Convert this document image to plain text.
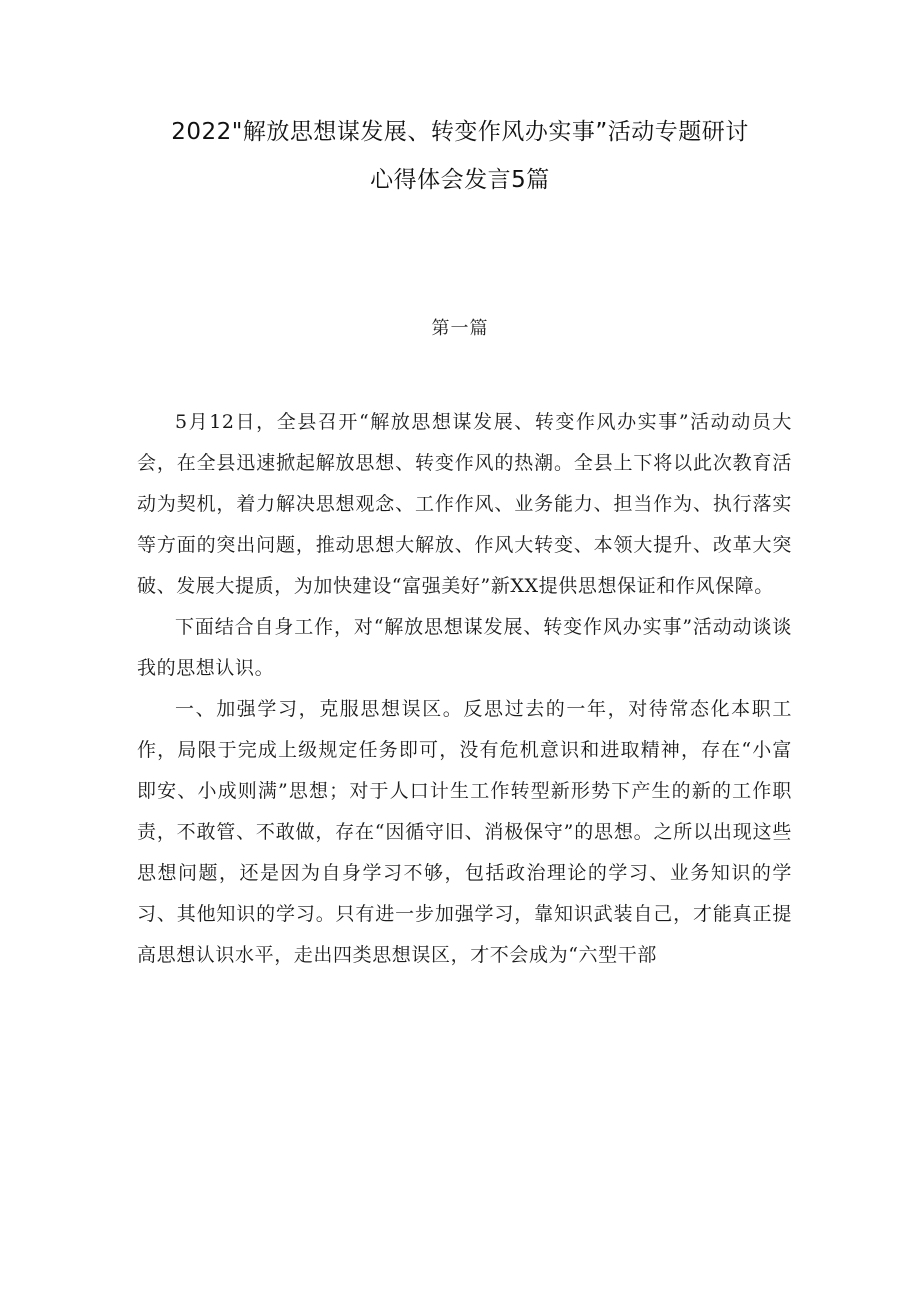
2022"解放思想谋发展、转变作风办实事”活动专题研讨
心得体会发言5篇
第一篇

5月12日，全县召开“解放思想谋发展、转变作风办实事”活动动员大会，在全县迅速掀起解放思想、转变作风的热潮。全县上下将以此次教育活动为契机，着力解决思想观念、工作作风、业务能力、担当作为、执行落实等方面的突出问题，推动思想大解放、作风大转变、本领大提升、改革大突破、发展大提质，为加快建设“富强美好”新XX提供思想保证和作风保障。

下面结合自身工作，对“解放思想谋发展、转变作风办实事”活动动谈谈我的思想认识。

一、加强学习，克服思想误区。反思过去的一年，对待常态化本职工作，局限于完成上级规定任务即可，没有危机意识和进取精神，存在“小富即安、小成则满”思想；对于人口计生工作转型新形势下产生的新的工作职责，不敢管、不敢做，存在“因循守旧、消极保守”的思想。之所以出现这些思想问题，还是因为自身学习不够，包括政治理论的学习、业务知识的学习、其他知识的学习。只有进一步加强学习，靠知识武装自己，才能真正提高思想认识水平，走出四类思想误区，才不会成为“六型干部
